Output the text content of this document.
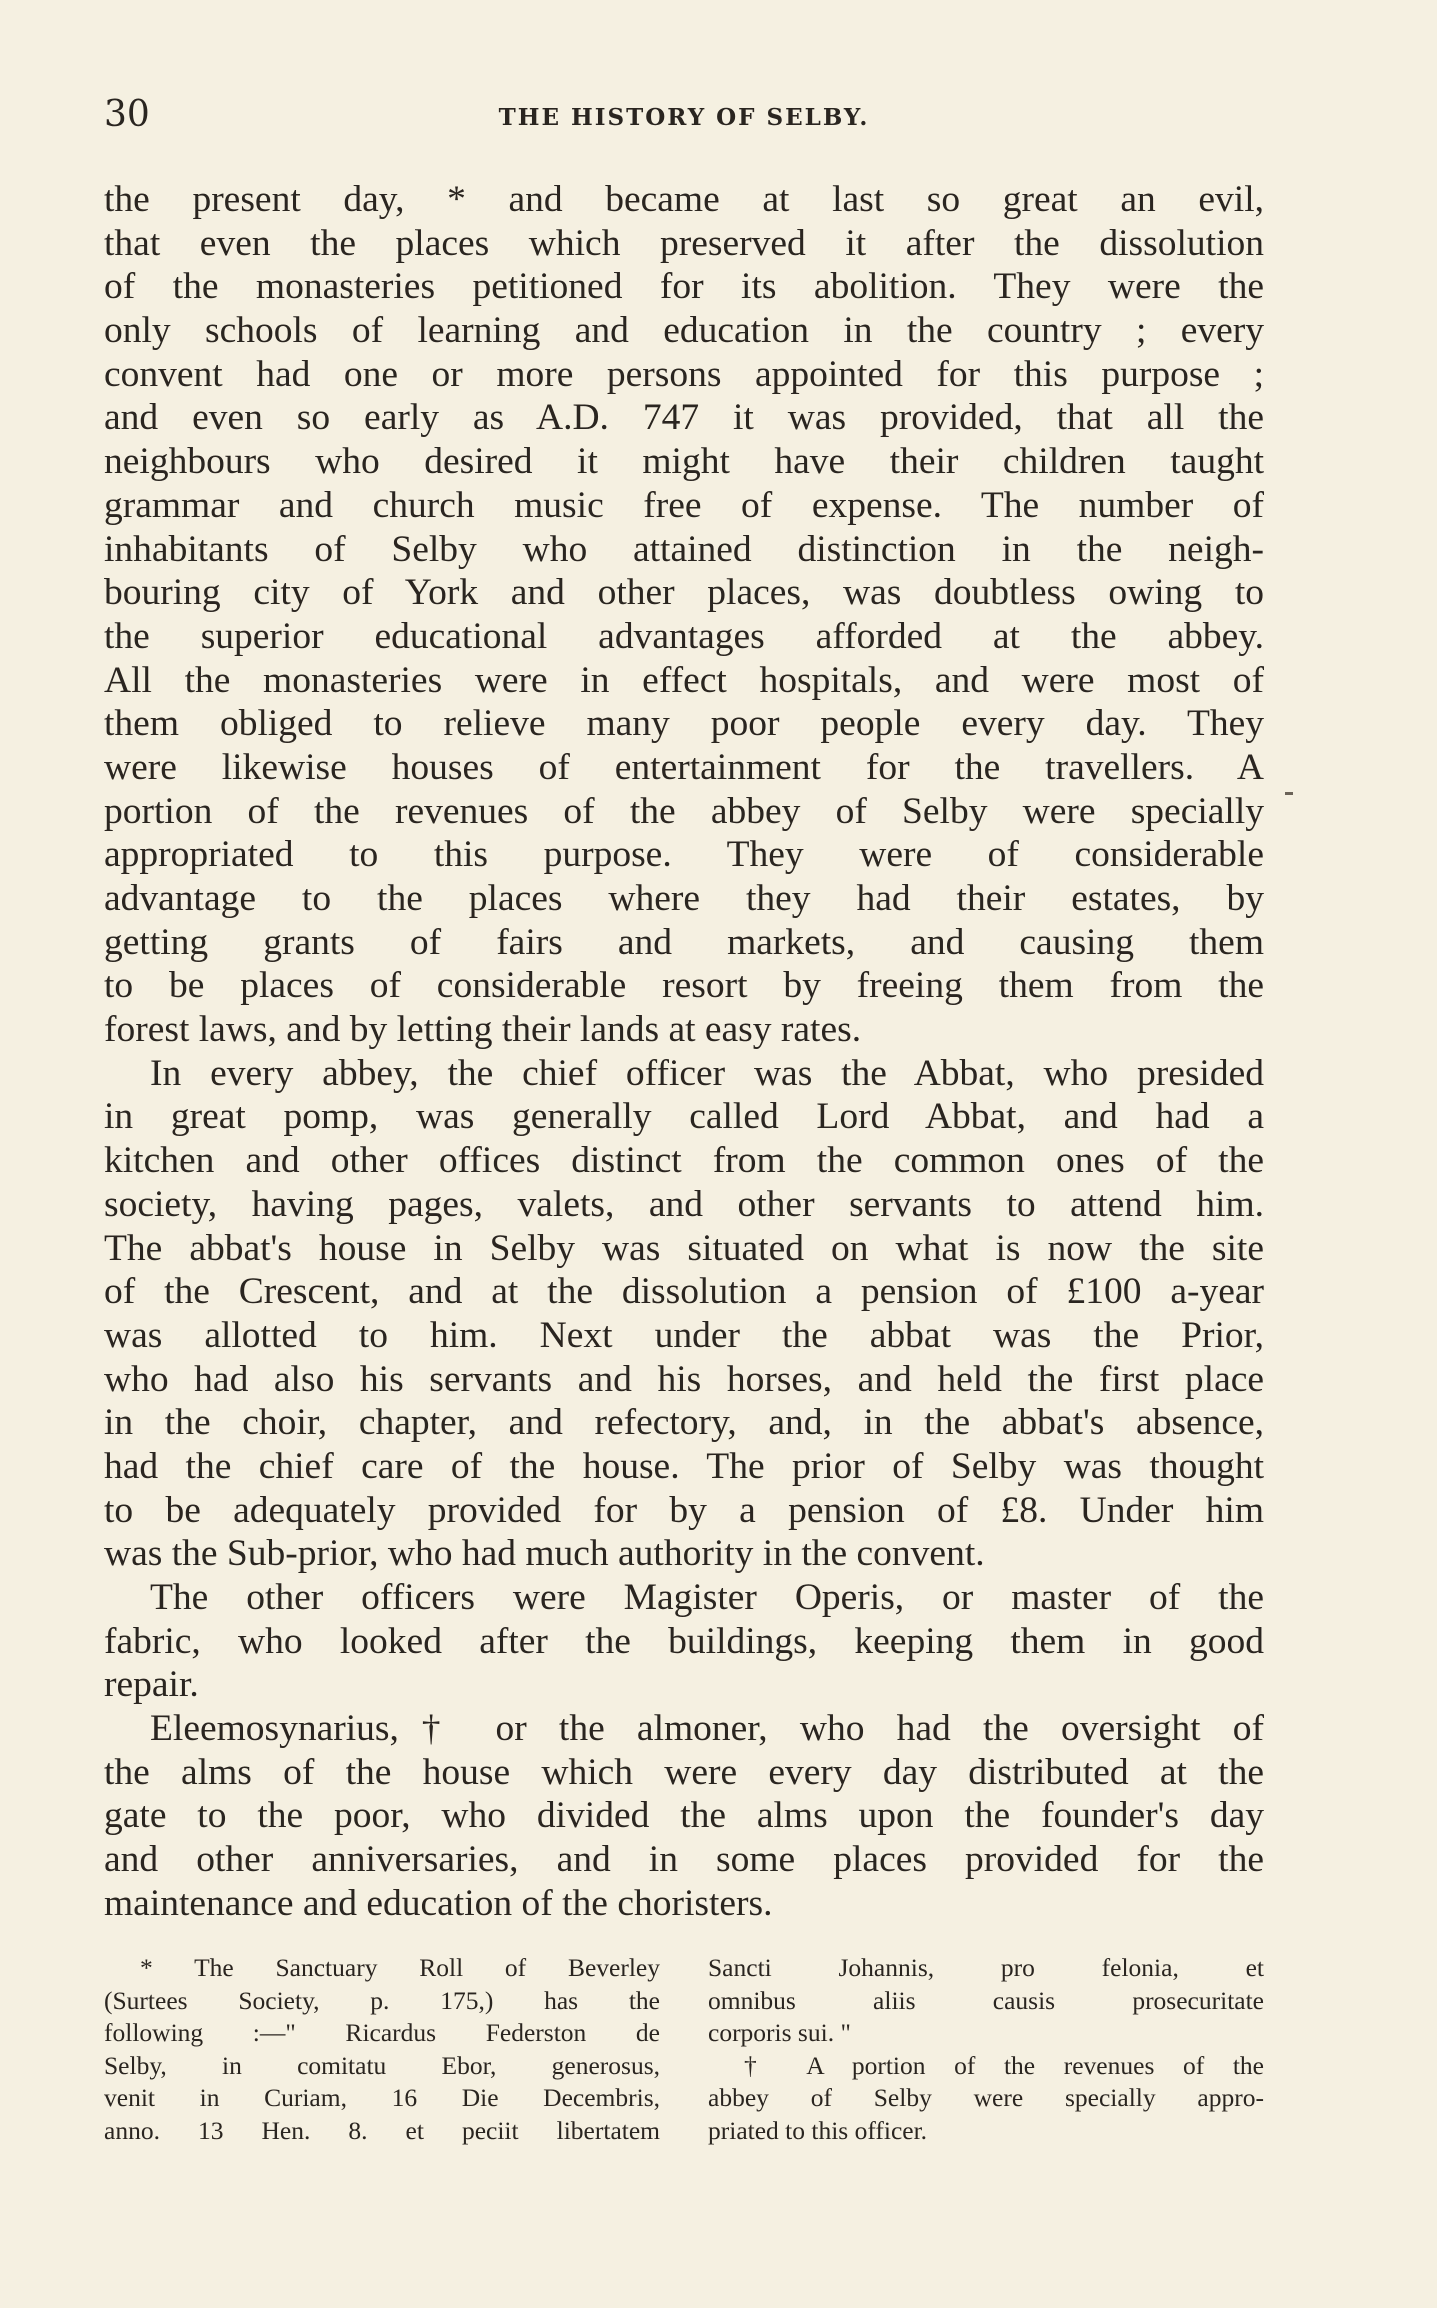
30	THE HISTORY OF SELBY.
the present day, * and became at last so great an evil,
that even the places which preserved it after the dissolution
of the monasteries petitioned for its abolition. They were the
only schools of learning and education in the country ; every
convent had one or more persons appointed for this purpose ;
and even so early as A.D. 747 it was provided, that all the
neighbours who desired it might have their children taught
grammar and church music free of expense. The number of
inhabitants of Selby who attained distinction in the neigh-
bouring city of York and other places, was doubtless owing to
the superior educational advantages afforded at the abbey.
All the monasteries were in effect hospitals, and were most of
them obliged to relieve many poor people every day. They
were likewise houses of entertainment for the travellers. A
portion of the revenues of the abbey of Selby were specially
appropriated to this purpose. They were of considerable
advantage to the places where they had their estates, by
getting grants of fairs and markets, and causing them
to be places of considerable resort by freeing them from the
forest laws, and by letting their lands at easy rates.
In every abbey, the chief officer was the Abbat, who presided
in great pomp, was generally called Lord Abbat, and had a
kitchen and other offices distinct from the common ones of the
society, having pages, valets, and other servants to attend him.
The abbat's house in Selby was situated on what is now the site
of the Crescent, and at the dissolution a pension of £100 a-year
was allotted to him. Next under the abbat was the Prior,
who had also his servants and his horses, and held the first place
in the choir, chapter, and refectory, and, in the abbat's absence,
had the chief care of the house. The prior of Selby was thought
to be adequately provided for by a pension of £8. Under him
was the Sub-prior, who had much authority in the convent.
The other officers were Magister Operis, or master of the
fabric, who looked after the buildings, keeping them in good
repair.
Eleemosynarius,† or the almoner, who had the oversight of
the alms of the house which were every day distributed at the
gate to the poor, who divided the alms upon the founder's day
and other anniversaries, and in some places provided for the
maintenance and education of the choristers.
* The Sanctuary Roll of Beverley
(Surtees Society, p. 175,) has the
following :—" Ricardus Federston de
Selby, in comitatu Ebor, generosus,
venit in Curiam, 16 Die Decembris,
anno. 13 Hen. 8. et peciit libertatem
Sancti Johannis, pro felonia, et
omnibus aliis causis prosecuritate
corporis sui. "
† A portion of the revenues of the
abbey of Selby were specially appro-
priated to this officer.
